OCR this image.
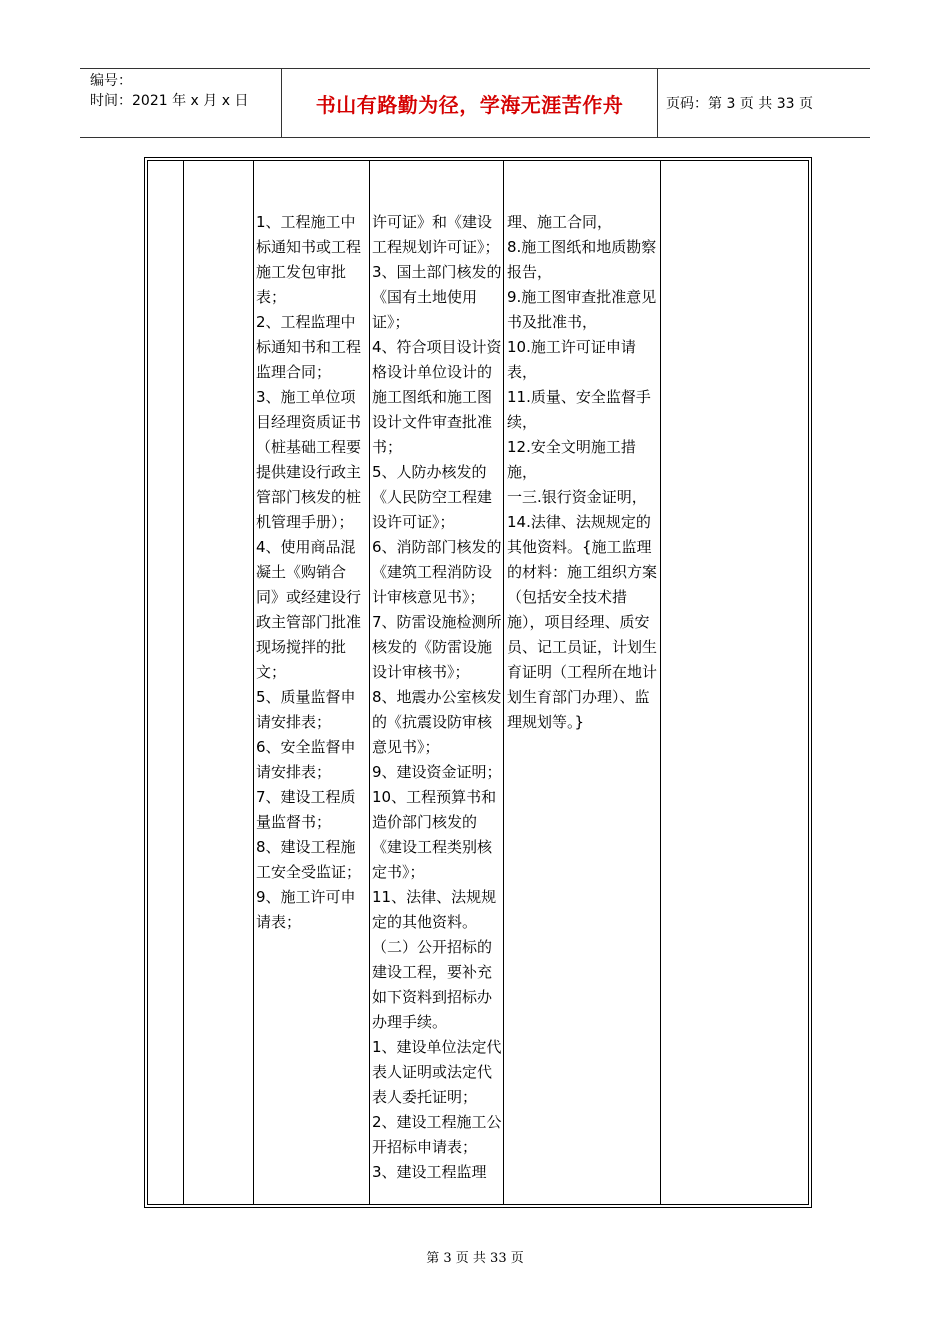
编号：
时间：2021 年 x 月 x 日	书山有路勤为径，学海无涯苦作舟	页码：第 3 页 共 33 页

1、工程施工中标通知书或工程施工发包审批表；
2、工程监理中标通知书和工程监理合同；
3、施工单位项目经理资质证书（桩基础工程要提供建设行政主管部门核发的桩机管理手册）；
4、使用商品混凝土《购销合同》或经建设行政主管部门批准现场搅拌的批文；
5、质量监督申请安排表；
6、安全监督申请安排表；
7、建设工程质量监督书；
8、建设工程施工安全受监证；
9、施工许可申请表；

许可证》和《建设工程规划许可证》；
3、国土部门核发的《国有土地使用证》；
4、符合项目设计资格设计单位设计的施工图纸和施工图设计文件审查批准书；
5、人防办核发的《人民防空工程建设许可证》；
6、消防部门核发的《建筑工程消防设计审核意见书》；
7、防雷设施检测所核发的《防雷设施设计审核书》；
8、地震办公室核发的《抗震设防审核意见书》；
9、建设资金证明；
10、工程预算书和造价部门核发的《建设工程类别核定书》；
11、法律、法规规定的其他资料。
（二）公开招标的建设工程，要补充如下资料到招标办办理手续。
1、建设单位法定代表人证明或法定代表人委托证明；
2、建设工程施工公开招标申请表；
3、建设工程监理

理、施工合同，
8.施工图纸和地质勘察报告，
9.施工图审查批准意见书及批准书，
10.施工许可证申请表，
11.质量、安全监督手续，
12.安全文明施工措施，
一三.银行资金证明，
14.法律、法规规定的其他资料。{施工监理的材料：施工组织方案（包括安全技术措施），项目经理、质安员、记工员证，计划生育证明（工程所在地计划生育部门办理）、监理规划等。}

第 3 页 共 33 页
